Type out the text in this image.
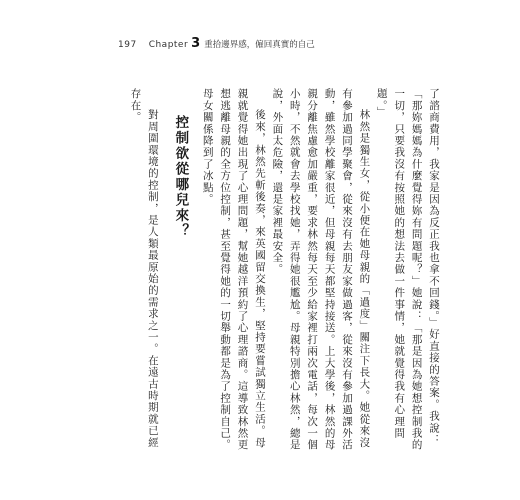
197 Chapter 3 重拾邊界感，僱回真實的自己

了諮商費用，我家是因為反正我也拿不回錢。」好直接的答案。我說：「那妳媽媽為什麼覺得妳有問題呢？」她說：「那是因為她想控制我的一切，只要我沒有按照她的想法去做一件事情，她就覺得我有心理問題。」

林然是獨生女，從小便在她母親的「過度」關注下長大。她從來沒有參加過同學聚會，從來沒有去朋友家做過客，從來沒有參加過課外活動，雖然學校離家很近，但母親每天都堅持接送。上大學後，林然的母親分離焦慮愈加嚴重，要求林然每天至少給家裡打兩次電話，每次一個小時，不然就會去學校找她，弄得她很尷尬。母親特別擔心林然，總是說，外面太危險，還是家裡最安全。

後來，林然先斬後奏，來英國留交換生，堅持要嘗試獨立生活。母親就覺得她出現了心理問題，幫她越洋預約了心理諮商。這導致林然更想逃離母親的全方位控制，甚至覺得她的一切舉動都是為了控制自己。母女關係降到了冰點。

控制欲從哪兒來？

對周圍環境的控制，是人類最原始的需求之一。在遠古時期就已經存在。
